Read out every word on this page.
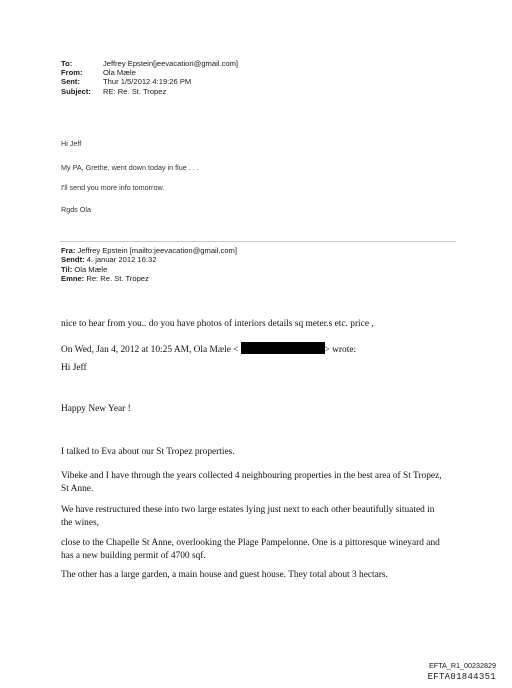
To:	Jeffrey Epstein[jeevacation@gmail.com]
From:	Ola Mæle
Sent:	Thur 1/5/2012 4:19:26 PM
Subject:	RE: Re. St. Tropez

Hi Jeff

My PA, Grethe, went down today in flue . . .

I'll send you more info tomorrow.

Rgds Ola

Fra: Jeffrey Epstein [mailto:jeevacation@gmail.com]
Sendt: 4. januar 2012 16:32
Til: Ola Mæle
Emne: Re: Re. St. Tropez

nice to hear from you.. do you have photos of interiors details sq meter.s etc. price ,

On Wed, Jan 4, 2012 at 10:25 AM, Ola Mæle <	> wrote:

Hi Jeff

Happy New Year !

I talked to Eva about our St Tropez properties.

Vibeke and I have through the years collected 4 neighbouring properties in the best area of St Tropez, St Anne.

We have restructured these into two large estates lying just next to each other beautifully situated in the wines,

close to the Chapelle St Anne, overlooking the Plage Pampelonne. One is a pittoresque wineyard and has a new building permit of 4700 sqf.

The other has a large garden, a main house and guest house. They total about 3 hectars.

EFTA_R1_00232829
EFTA01844351
